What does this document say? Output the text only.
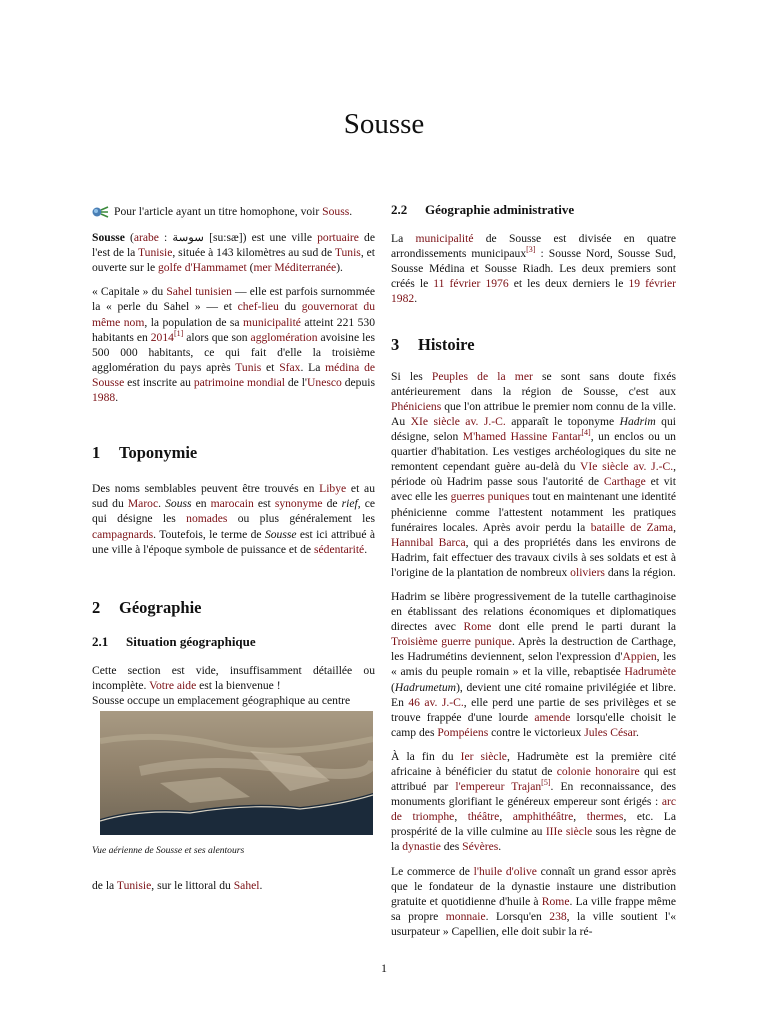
Sousse

Pour l'article ayant un titre homophone, voir Souss.

Sousse (arabe : سوسة [su:sæ]) est une ville portuaire de l'est de la Tunisie, située à 143 kilomètres au sud de Tunis, et ouverte sur le golfe d'Hammamet (mer Méditerranée).

« Capitale » du Sahel tunisien — elle est parfois surnommée la « perle du Sahel » — et chef-lieu du gouvernorat du même nom, la population de sa municipalité atteint 221 530 habitants en 2014[1] alors que son agglomération avoisine les 500 000 habitants, ce qui fait d'elle la troisième agglomération du pays après Tunis et Sfax. La médina de Sousse est inscrite au patrimoine mondial de l'Unesco depuis 1988.

1 Toponymie

Des noms semblables peuvent être trouvés en Libye et au sud du Maroc. Souss en marocain est synonyme de rief, ce qui désigne les nomades ou plus généralement les campagnards. Toutefois, le terme de Sousse est ici attribué à une ville à l'époque symbole de puissance et de sédentarité.

2 Géographie
2.1 Situation géographique

Cette section est vide, insuffisamment détaillée ou incomplète. Votre aide est la bienvenue !

Sousse occupe un emplacement géographique au centre

Vue aérienne de Sousse et ses alentours

de la Tunisie, sur le littoral du Sahel.

2.2 Géographie administrative

La municipalité de Sousse est divisée en quatre arrondissements municipaux[3] : Sousse Nord, Sousse Sud, Sousse Médina et Sousse Riadh. Les deux premiers sont créés le 11 février 1976 et les deux derniers le 19 février 1982.

3 Histoire

Si les Peuples de la mer se sont sans doute fixés antérieurement dans la région de Sousse, c'est aux Phéniciens que l'on attribue le premier nom connu de la ville. Au XIe siècle av. J.-C. apparaît le toponyme Hadrim qui désigne, selon M'hamed Hassine Fantar[4], un enclos ou un quartier d'habitation. Les vestiges archéologiques du site ne remontent cependant guère au-delà du VIe siècle av. J.-C., période où Hadrim passe sous l'autorité de Carthage et vit avec elle les guerres puniques tout en maintenant une identité phénicienne comme l'attestent notamment les pratiques funéraires locales. Après avoir perdu la bataille de Zama, Hannibal Barca, qui a des propriétés dans les environs de Hadrim, fait effectuer des travaux civils à ses soldats et est à l'origine de la plantation de nombreux oliviers dans la région.

Hadrim se libère progressivement de la tutelle carthaginoise en établissant des relations économiques et diplomatiques directes avec Rome dont elle prend le parti durant la Troisième guerre punique. Après la destruction de Carthage, les Hadrumétins deviennent, selon l'expression d'Appien, les « amis du peuple romain » et la ville, rebaptisée Hadrumète (Hadrumetum), devient une cité romaine privilégiée et libre. En 46 av. J.-C., elle perd une partie de ses privilèges et se trouve frappée d'une lourde amende lorsqu'elle choisit le camp des Pompéiens contre le victorieux Jules César.

À la fin du Ier siècle, Hadrumète est la première cité africaine à bénéficier du statut de colonie honoraire qui est attribué par l'empereur Trajan[5]. En reconnaissance, des monuments glorifiant le généreux empereur sont érigés : arc de triomphe, théâtre, amphithéâtre, thermes, etc. La prospérité de la ville culmine au IIIe siècle sous les règne de la dynastie des Sévères.

Le commerce de l'huile d'olive connaît un grand essor après que le fondateur de la dynastie instaure une distribution gratuite et quotidienne d'huile à Rome. La ville frappe même sa propre monnaie. Lorsqu'en 238, la ville soutient l'« usurpateur » Capellien, elle doit subir la ré-

1
